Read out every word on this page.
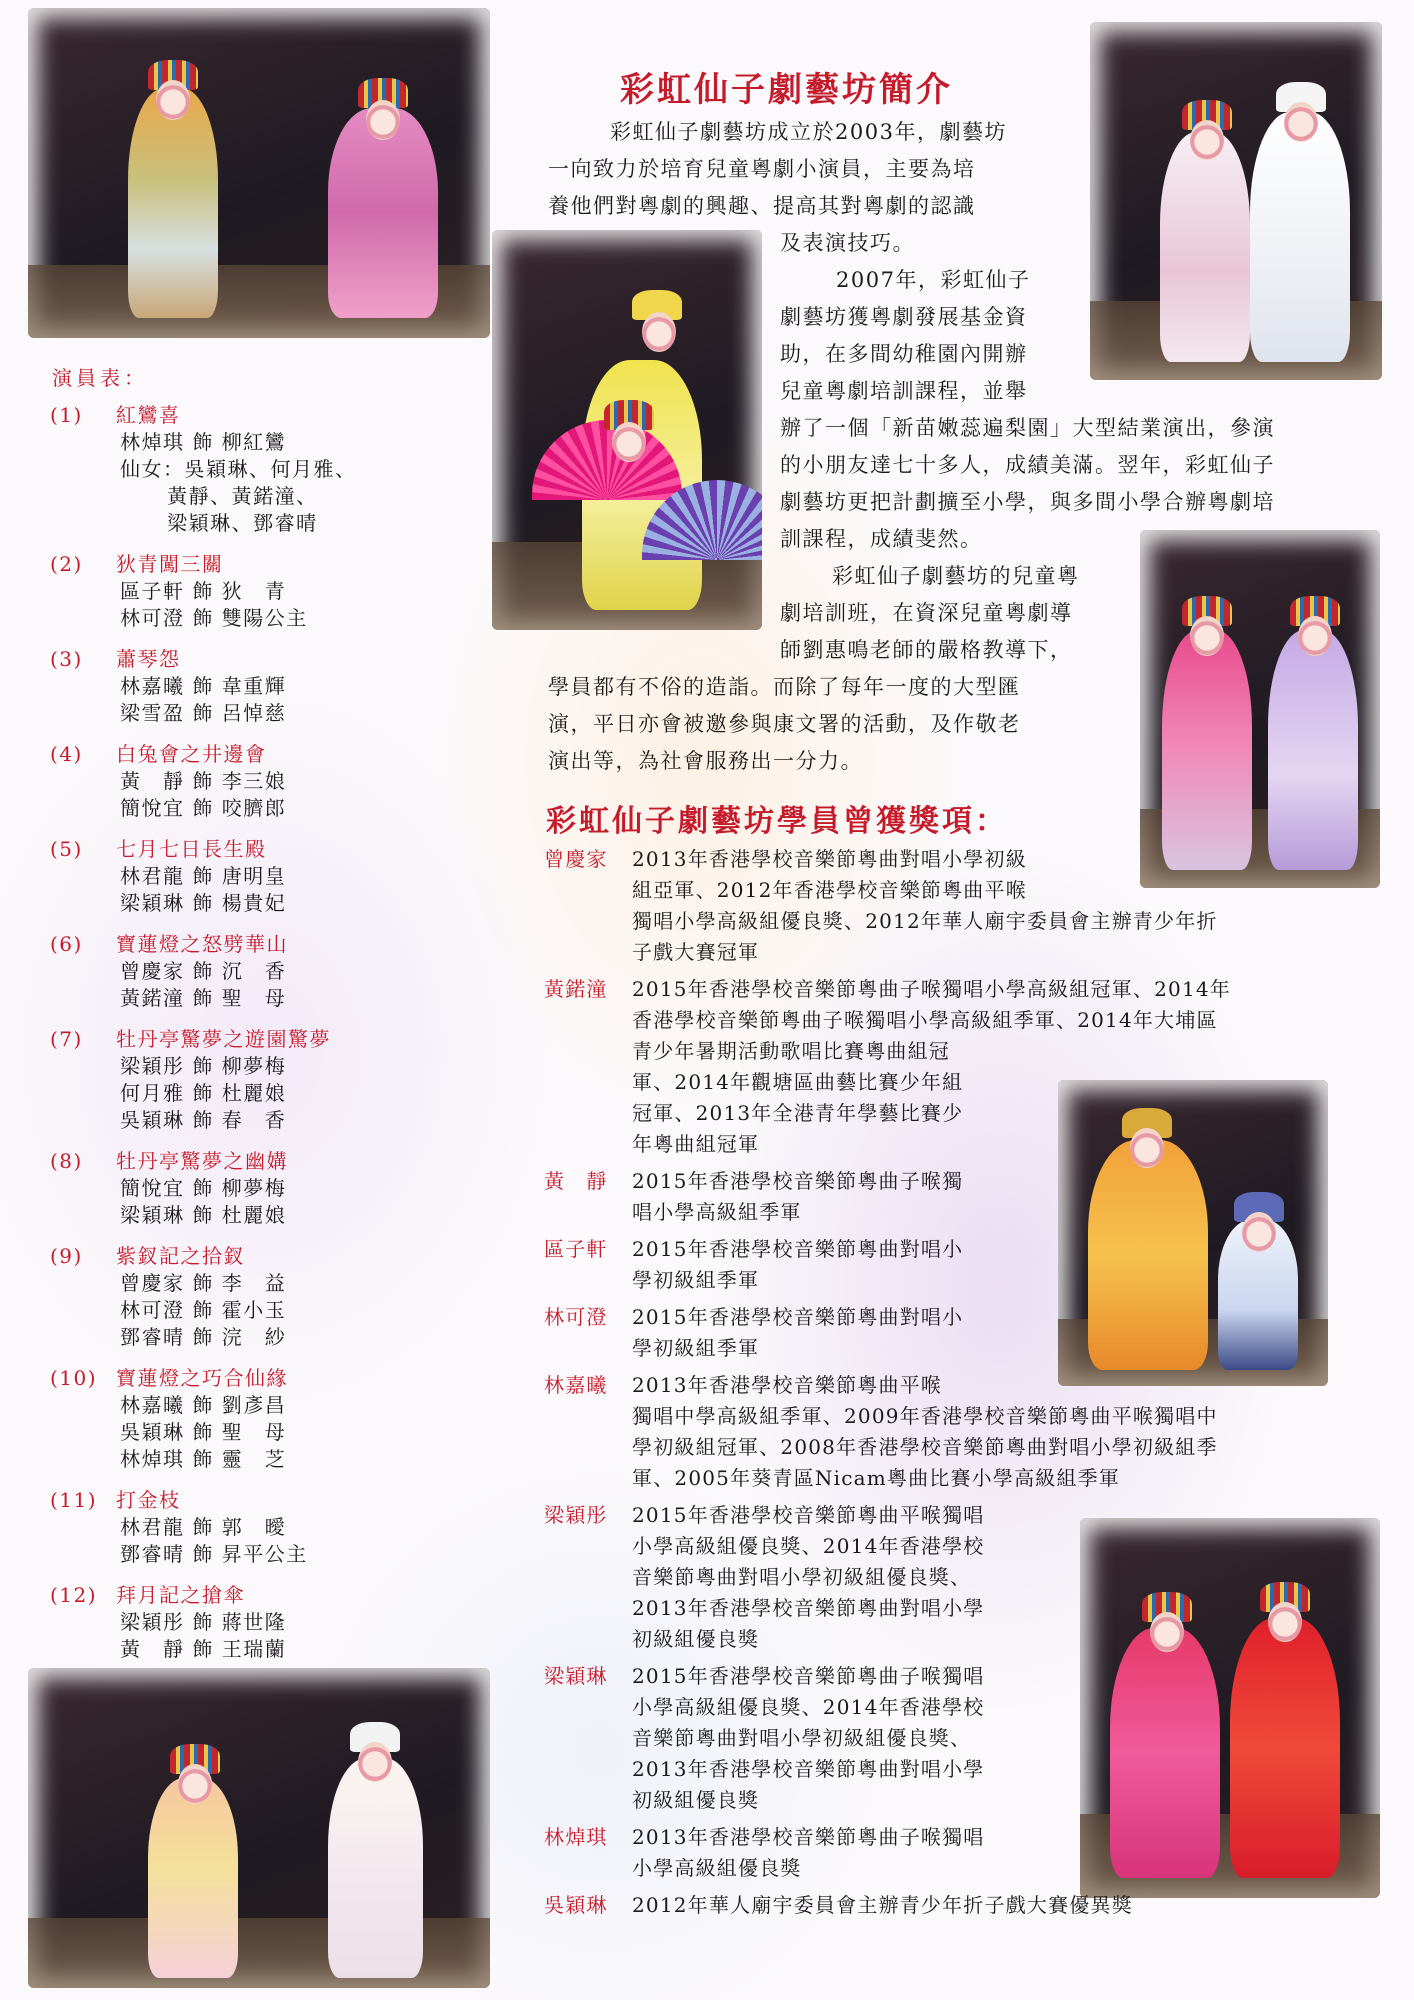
彩虹仙子劇藝坊簡介

彩虹仙子劇藝坊成立於2003年，劇藝坊

一向致力於培育兒童粵劇小演員，主要為培

養他們對粵劇的興趣、提高其對粵劇的認識

及表演技巧。

2007年，彩虹仙子

劇藝坊獲粵劇發展基金資

助，在多間幼稚園內開辦

兒童粵劇培訓課程，並舉

辦了一個「新苗嫩蕊遍梨園」大型結業演出，參演

的小朋友達七十多人，成績美滿。翌年，彩虹仙子

劇藝坊更把計劃擴至小學，與多間小學合辦粵劇培

訓課程，成績斐然。

彩虹仙子劇藝坊的兒童粵

劇培訓班，在資深兒童粵劇導

師劉惠鳴老師的嚴格教導下，

學員都有不俗的造詣。而除了每年一度的大型匯

演，平日亦會被邀參與康文署的活動，及作敬老

演出等，為社會服務出一分力。

演員表：
(1) 紅鸞喜
林焯琪 飾 柳紅鸞
仙女：吳穎琳、何月雅、
黃靜、黃鍩潼、
梁穎琳、鄧睿晴
(2) 狄青闖三關
區子軒 飾 狄　青
林可澄 飾 雙陽公主
(3) 蕭琴怨
林嘉曦 飾 韋重輝
梁雪盈 飾 呂悼慈
(4) 白兔會之井邊會
黃　靜 飾 李三娘
簡悅宜 飾 咬臍郎
(5) 七月七日長生殿
林君龍 飾 唐明皇
梁穎琳 飾 楊貴妃
(6) 寶蓮燈之怒劈華山
曾慶家 飾 沉　香
黃鍩潼 飾 聖　母
(7) 牡丹亭驚夢之遊園驚夢
梁穎彤 飾 柳夢梅
何月雅 飾 杜麗娘
吳穎琳 飾 春　香
(8) 牡丹亭驚夢之幽媾
簡悅宜 飾 柳夢梅
梁穎琳 飾 杜麗娘
(9) 紫釵記之拾釵
曾慶家 飾 李　益
林可澄 飾 霍小玉
鄧睿晴 飾 浣　紗
(10) 寶蓮燈之巧合仙緣
林嘉曦 飾 劉彥昌
吳穎琳 飾 聖　母
林焯琪 飾 靈　芝
(11) 打金枝
林君龍 飾 郭　曖
鄧睿晴 飾 昇平公主
(12) 拜月記之搶傘
梁穎彤 飾 蔣世隆
黃　靜 飾 王瑞蘭
彩虹仙子劇藝坊學員曾獲獎項：
曾慶家	2013年香港學校音樂節粵曲對唱小學初級
組亞軍、2012年香港學校音樂節粵曲平喉
獨唱小學高級組優良獎、2012年華人廟宇委員會主辦青少年折
子戲大賽冠軍
黃鍩潼	2015年香港學校音樂節粵曲子喉獨唱小學高級組冠軍、2014年
香港學校音樂節粵曲子喉獨唱小學高級組季軍、2014年大埔區
青少年暑期活動歌唱比賽粵曲組冠
軍、2014年觀塘區曲藝比賽少年組
冠軍、2013年全港青年學藝比賽少
年粵曲組冠軍
黃　靜	2015年香港學校音樂節粵曲子喉獨
唱小學高級組季軍
區子軒	2015年香港學校音樂節粵曲對唱小
學初級組季軍
林可澄	2015年香港學校音樂節粵曲對唱小
學初級組季軍
林嘉曦	2013年香港學校音樂節粵曲平喉
獨唱中學高級組季軍、2009年香港學校音樂節粵曲平喉獨唱中
學初級組冠軍、2008年香港學校音樂節粵曲對唱小學初級組季
軍、2005年葵青區Nicam粵曲比賽小學高級組季軍
梁穎彤	2015年香港學校音樂節粵曲平喉獨唱
小學高級組優良獎、2014年香港學校
音樂節粵曲對唱小學初級組優良獎、
2013年香港學校音樂節粵曲對唱小學
初級組優良獎
梁穎琳	2015年香港學校音樂節粵曲子喉獨唱
小學高級組優良獎、2014年香港學校
音樂節粵曲對唱小學初級組優良獎、
2013年香港學校音樂節粵曲對唱小學
初級組優良獎
林焯琪	2013年香港學校音樂節粵曲子喉獨唱
小學高級組優良獎
吳穎琳	2012年華人廟宇委員會主辦青少年折子戲大賽優異獎
